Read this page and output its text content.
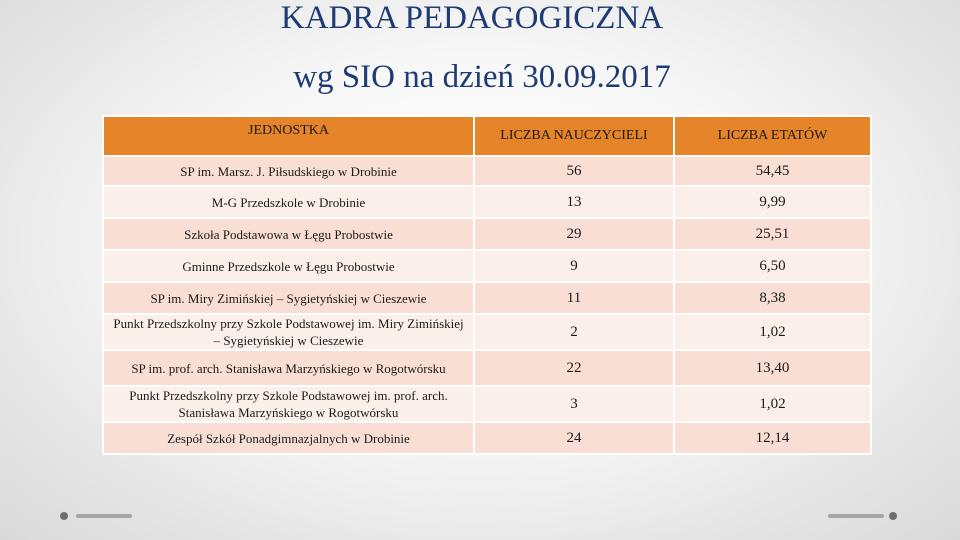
KADRA PEDAGOGICZNA
wg SIO na dzień 30.09.2017
JEDNOSTKA	LICZBA NAUCZYCIELI	LICZBA ETATÓW
SP im. Marsz. J. Piłsudskiego w Drobinie	56	54,45
M-G Przedszkole w Drobinie	13	9,99
Szkoła Podstawowa w Łęgu Probostwie	29	25,51
Gminne Przedszkole w Łęgu Probostwie	9	6,50
SP im. Miry Zimińskiej – Sygietyńskiej w Cieszewie	11	8,38
Punkt Przedszkolny przy Szkole Podstawowej im. Miry Zimińskiej – Sygietyńskiej w Cieszewie	2	1,02
SP im. prof. arch. Stanisława Marzyńskiego w Rogotwórsku	22	13,40
Punkt Przedszkolny przy Szkole Podstawowej im. prof. arch. Stanisława Marzyńskiego w Rogotwórsku	3	1,02
Zespół Szkół Ponadgimnazjalnych w Drobinie	24	12,14
